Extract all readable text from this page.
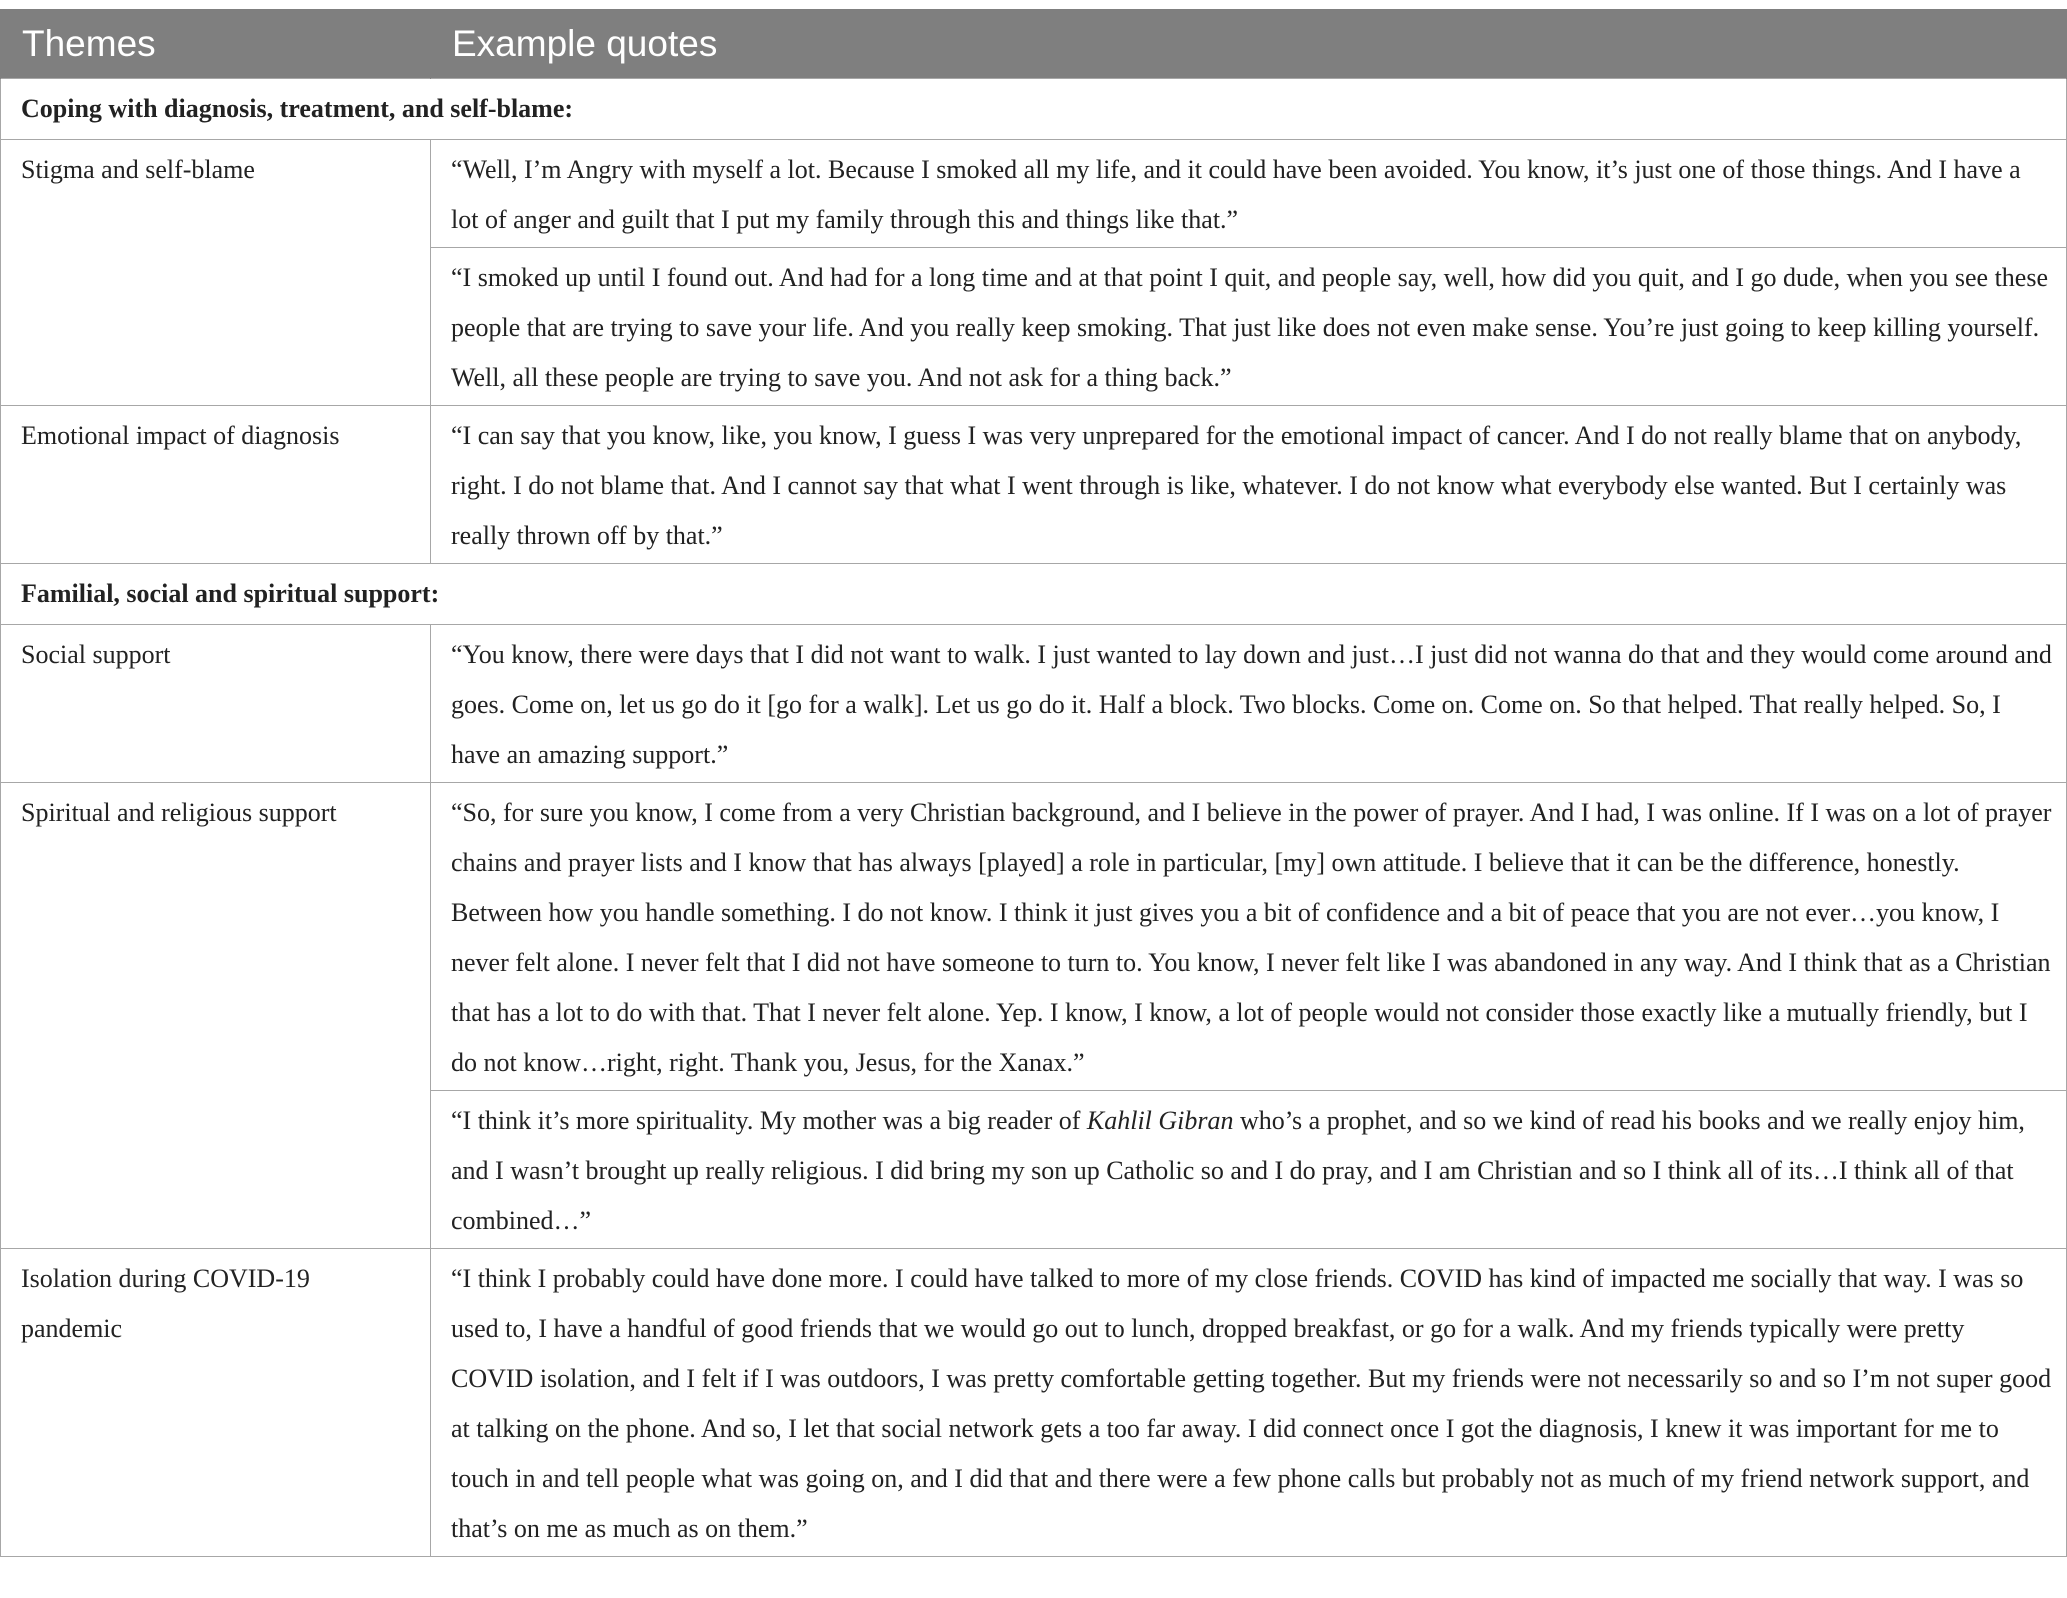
Themes	Example quotes
Coping with diagnosis, treatment, and self-blame:	
Stigma and self-blame	“Well, I’m Angry with myself a lot. Because I smoked all my life, and it could have been avoided. You know, it’s just one of those things. And I have a lot of anger and guilt that I put my family through this and things like that.”

	“I smoked up until I found out. And had for a long time and at that point I quit, and people say, well, how did you quit, and I go dude, when you see these people that are trying to save your life. And you really keep smoking. That just like does not even make sense. You’re just going to keep killing yourself. Well, all these people are trying to save you. And not ask for a thing back.”

Emotional impact of diagnosis	“I can say that you know, like, you know, I guess I was very unprepared for the emotional impact of cancer. And I do not really blame that on anybody, right. I do not blame that. And I cannot say that what I went through is like, whatever. I do not know what everybody else wanted. But I certainly was really thrown off by that.”

Familial, social and spiritual support:	
Social support	“You know, there were days that I did not want to walk. I just wanted to lay down and just…I just did not wanna do that and they would come around and goes. Come on, let us go do it [go for a walk]. Let us go do it. Half a block. Two blocks. Come on. Come on. So that helped. That really helped. So, I have an amazing support.”

Spiritual and religious support	“So, for sure you know, I come from a very Christian background, and I believe in the power of prayer. And I had, I was online. If I was on a lot of prayer chains and prayer lists and I know that has always [played] a role in particular, [my] own attitude. I believe that it can be the difference, honestly. Between how you handle something. I do not know. I think it just gives you a bit of confidence and a bit of peace that you are not ever…you know, I never felt alone. I never felt that I did not have someone to turn to. You know, I never felt like I was abandoned in any way. And I think that as a Christian that has a lot to do with that. That I never felt alone. Yep. I know, I know, a lot of people would not consider those exactly like a mutually friendly, but I do not know…right, right. Thank you, Jesus, for the Xanax.”

	“I think it’s more spirituality. My mother was a big reader of Kahlil Gibran who’s a prophet, and so we kind of read his books and we really enjoy him, and I wasn’t brought up really religious. I did bring my son up Catholic so and I do pray, and I am Christian and so I think all of its…I think all of that combined…”

Isolation during COVID-19 pandemic	“I think I probably could have done more. I could have talked to more of my close friends. COVID has kind of impacted me socially that way. I was so used to, I have a handful of good friends that we would go out to lunch, dropped breakfast, or go for a walk. And my friends typically were pretty COVID isolation, and I felt if I was outdoors, I was pretty comfortable getting together. But my friends were not necessarily so and so I’m not super good at talking on the phone. And so, I let that social network gets a too far away. I did connect once I got the diagnosis, I knew it was important for me to touch in and tell people what was going on, and I did that and there were a few phone calls but probably not as much of my friend network support, and that’s on me as much as on them.”
